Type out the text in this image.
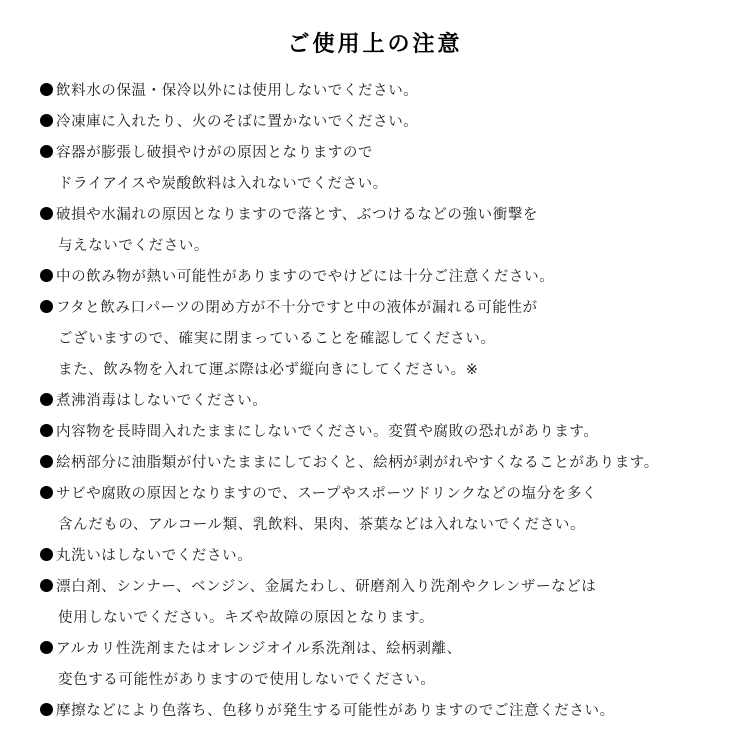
ご使用上の注意
飲料水の保温・保冷以外には使用しないでください。
冷凍庫に入れたり、火のそばに置かないでください。
容器が膨張し破損やけがの原因となりますので
ドライアイスや炭酸飲料は入れないでください。
破損や水漏れの原因となりますので落とす、ぶつけるなどの強い衝撃を
与えないでください。
中の飲み物が熱い可能性がありますのでやけどには十分ご注意ください。
フタと飲み口パーツの閉め方が不十分ですと中の液体が漏れる可能性が
ございますので、確実に閉まっていることを確認してください。
また、飲み物を入れて運ぶ際は必ず縦向きにしてください。※
煮沸消毒はしないでください。
内容物を長時間入れたままにしないでください。変質や腐敗の恐れがあります。
絵柄部分に油脂類が付いたままにしておくと、絵柄が剥がれやすくなることがあります。
サビや腐敗の原因となりますので、スープやスポーツドリンクなどの塩分を多く
含んだもの、アルコール類、乳飲料、果肉、茶葉などは入れないでください。
丸洗いはしないでください。
漂白剤、シンナー、ベンジン、金属たわし、研磨剤入り洗剤やクレンザーなどは
使用しないでください。キズや故障の原因となります。
アルカリ性洗剤またはオレンジオイル系洗剤は、絵柄剥離、
変色する可能性がありますので使用しないでください。
摩擦などにより色落ち、色移りが発生する可能性がありますのでご注意ください。
